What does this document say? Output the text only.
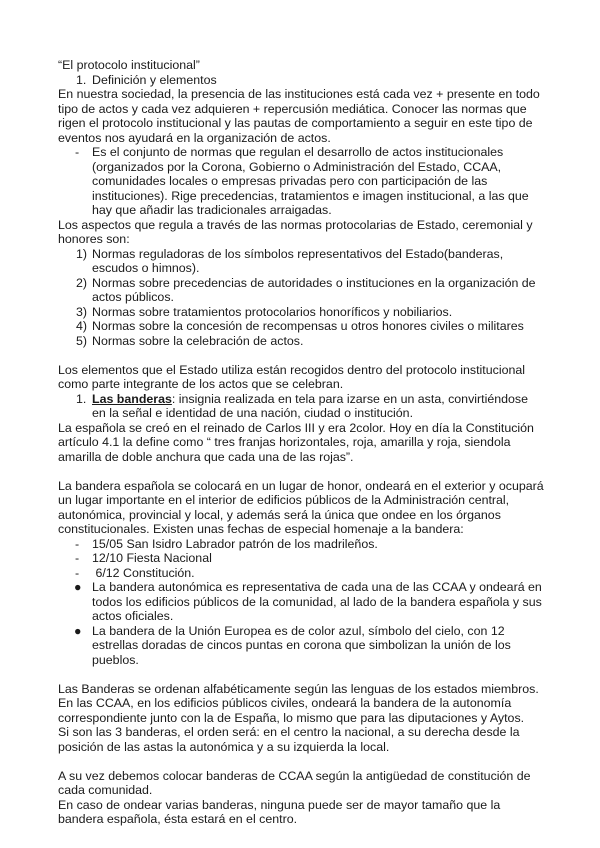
“El protocolo institucional”

1. Definición y elementos

En nuestra sociedad, la presencia de las instituciones está cada vez + presente en todo tipo de actos y cada vez adquieren + repercusión mediática. Conocer las normas que rigen el protocolo institucional y las pautas de comportamiento a seguir en este tipo de eventos nos ayudará en la organización de actos.

- Es el conjunto de normas que regulan el desarrollo de actos institucionales (organizados por la Corona, Gobierno o Administración del Estado, CCAA, comunidades locales o empresas privadas pero con participación de las instituciones). Rige precedencias, tratamientos e imagen institucional, a las que hay que añadir las tradicionales arraigadas.

Los aspectos que regula a través de las normas protocolarias de Estado, ceremonial y honores son:

1) Normas reguladoras de los símbolos representativos del Estado(banderas, escudos o himnos).
2) Normas sobre precedencias de autoridades o instituciones en la organización de actos públicos.
3) Normas sobre tratamientos protocolarios honoríficos y nobiliarios.
4) Normas sobre la concesión de recompensas u otros honores civiles o militares
5) Normas sobre la celebración de actos.

Los elementos que el Estado utiliza están recogidos dentro del protocolo institucional como parte integrante de los actos que se celebran.

1. Las banderas: insignia realizada en tela para izarse en un asta, convirtiéndose en la señal e identidad de una nación, ciudad o institución.

La española se creó en el reinado de Carlos III y era 2color. Hoy en día la Constitución artículo 4.1 la define como “ tres franjas horizontales, roja, amarilla y roja, siendola amarilla de doble anchura que cada una de las rojas”.

La bandera española se colocará en un lugar de honor, ondeará en el exterior y ocupará un lugar importante en el interior de edificios públicos de la Administración central, autonómica, provincial y local, y además será la única que ondee en los órganos constitucionales. Existen unas fechas de especial homenaje a la bandera:

- 15/05 San Isidro Labrador patrón de los madrileños.
- 12/10 Fiesta Nacional
- 6/12 Constitución.
● La bandera autonómica es representativa de cada una de las CCAA y ondeará en todos los edificios públicos de la comunidad, al lado de la bandera española y sus actos oficiales.
● La bandera de la Unión Europea es de color azul, símbolo del cielo, con 12 estrellas doradas de cincos puntas en corona que simbolizan la unión de los pueblos.

Las Banderas se ordenan alfabéticamente según las lenguas de los estados miembros.

En las CCAA, en los edificios públicos civiles, ondeará la bandera de la autonomía correspondiente junto con la de España, lo mismo que para las diputaciones y Aytos.

Si son las 3 banderas, el orden será: en el centro la nacional, a su derecha desde la posición de las astas la autonómica y a su izquierda la local.

A su vez debemos colocar banderas de CCAA según la antigüedad de constitución de cada comunidad.

En caso de ondear varias banderas, ninguna puede ser de mayor tamaño que la bandera española, ésta estará en el centro.
